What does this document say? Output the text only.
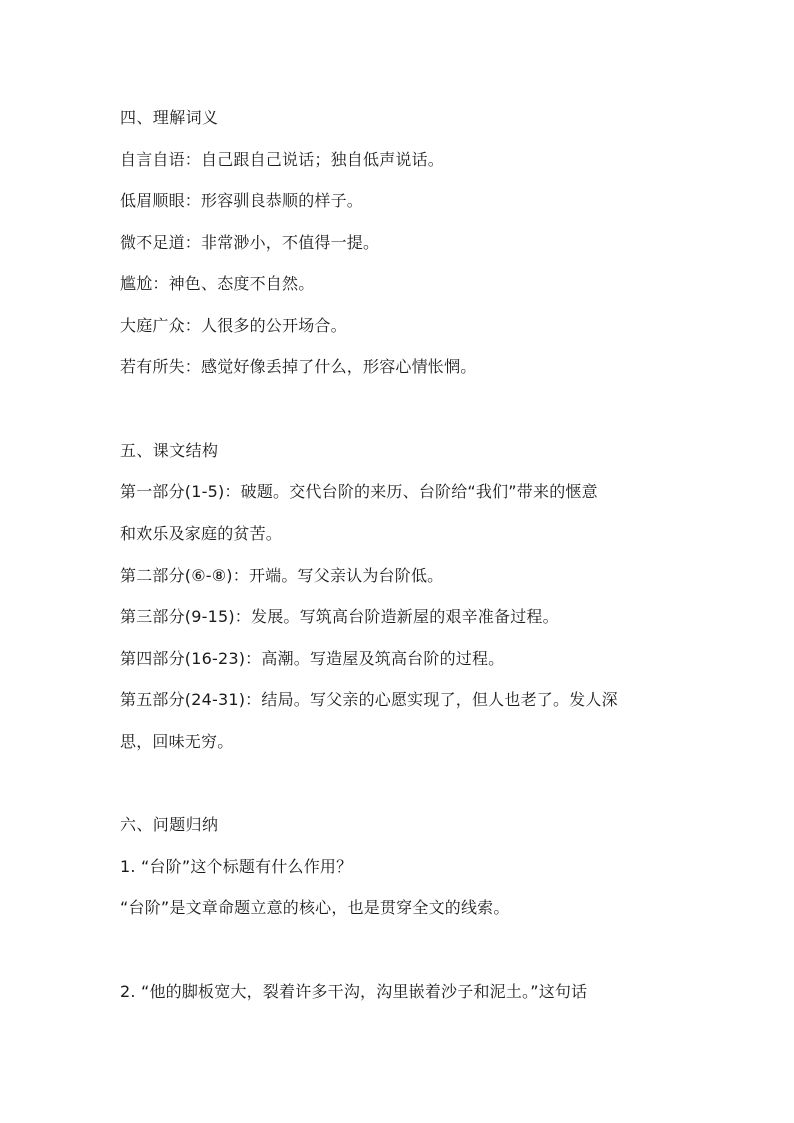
四、理解词义
自言自语：自己跟自己说话；独自低声说话。
低眉顺眼：形容驯良恭顺的样子。
微不足道：非常渺小，不值得一提。
尴尬：神色、态度不自然。
大庭广众：人很多的公开场合。
若有所失：感觉好像丢掉了什么，形容心情怅惘。
五、课文结构
第一部分(1-5)：破题。交代台阶的来历、台阶给“我们”带来的惬意
和欢乐及家庭的贫苦。
第二部分(⑥-⑧)：开端。写父亲认为台阶低。
第三部分(9-15)：发展。写筑高台阶造新屋的艰辛准备过程。
第四部分(16-23)：高潮。写造屋及筑高台阶的过程。
第五部分(24-31)：结局。写父亲的心愿实现了，但人也老了。发人深
思，回味无穷。
六、问题归纳
1. “台阶”这个标题有什么作用？
“台阶”是文章命题立意的核心，也是贯穿全文的线索。
2. “他的脚板宽大，裂着许多干沟，沟里嵌着沙子和泥土。”这句话
